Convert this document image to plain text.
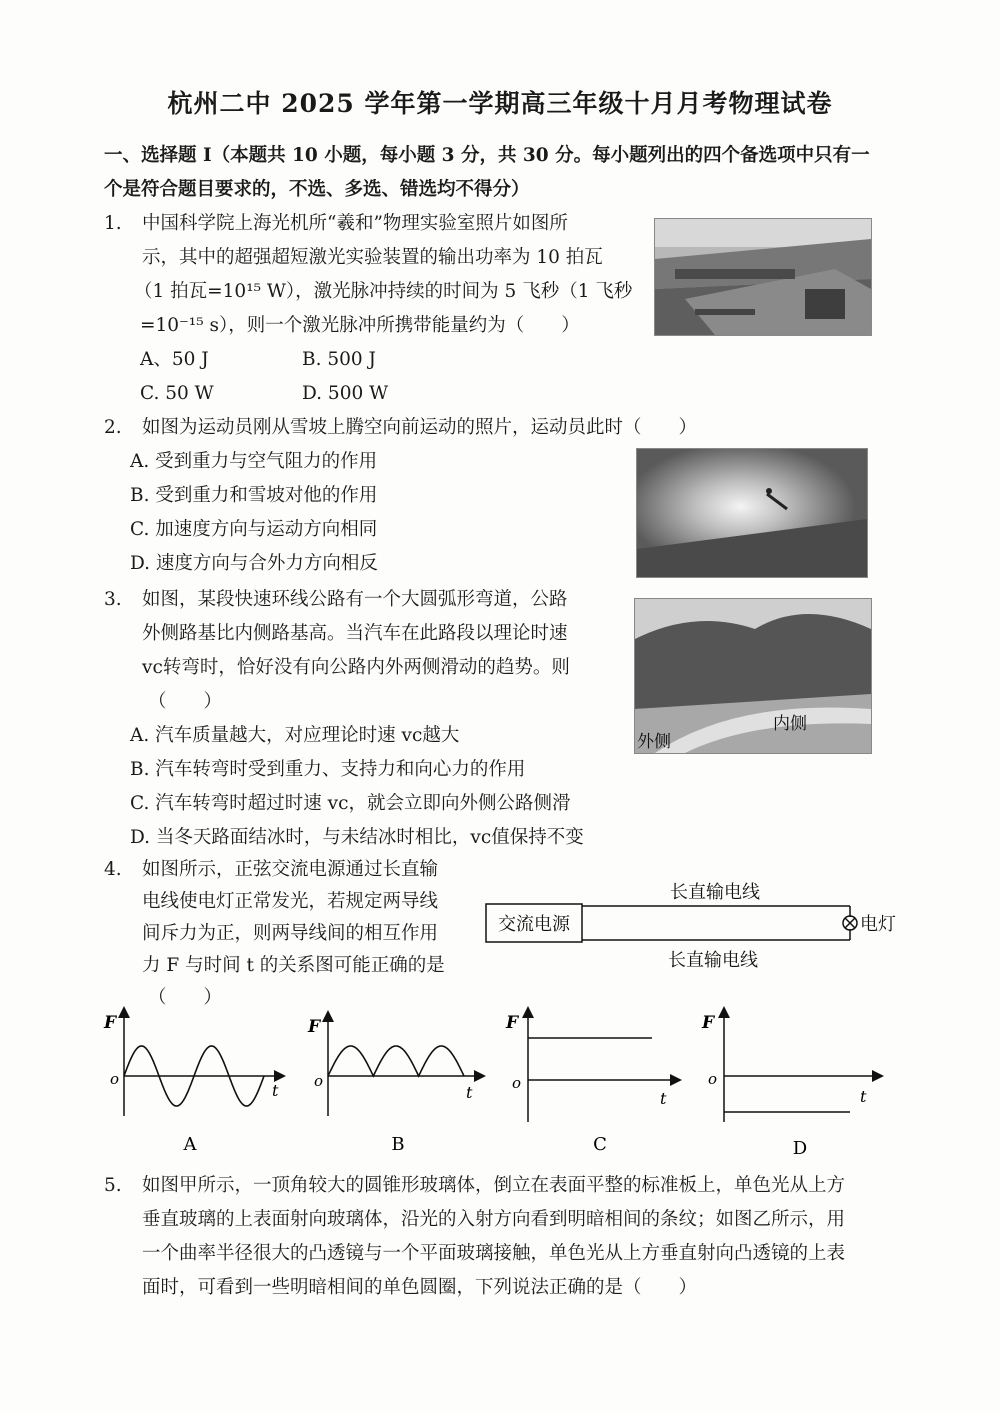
杭州二中 2025 学年第一学期高三年级十月月考物理试卷
一、选择题 I（本题共 10 小题，每小题 3 分，共 30 分。每小题列出的四个备选项中只有一
个是符合题目要求的，不选、多选、错选均不得分）
1. 中国科学院上海光机所“羲和”物理实验室照片如图所
示，其中的超强超短激光实验装置的输出功率为 10 拍瓦
（1 拍瓦=10¹⁵ W），激光脉冲持续的时间为 5 飞秒（1 飞秒
=10⁻¹⁵ s），则一个激光脉冲所携带能量约为（　　）
A、50 J	B. 500 J
C. 50 W	D. 500 W
2. 如图为运动员刚从雪坡上腾空向前运动的照片，运动员此时（　　）
A. 受到重力与空气阻力的作用
B. 受到重力和雪坡对他的作用
C. 加速度方向与运动方向相同
D. 速度方向与合外力方向相反
3. 如图，某段快速环线公路有一个大圆弧形弯道，公路
外侧路基比内侧路基高。当汽车在此路段以理论时速
vc转弯时，恰好没有向公路内外两侧滑动的趋势。则
（　　）
A. 汽车质量越大，对应理论时速 vc越大
B. 汽车转弯时受到重力、支持力和向心力的作用
C. 汽车转弯时超过时速 vc，就会立即向外侧公路侧滑
D. 当冬天路面结冰时，与未结冰时相比，vc值保持不变
外侧
内侧
4. 如图所示，正弦交流电源通过长直输
电线使电灯正常发光，若规定两导线
间斥力为正，则两导线间的相互作用
力 F 与时间 t 的关系图可能正确的是
（　　）
交流电源
长直输电线
长直输电线
电灯
F
o
t
A
F
o
t
B
F
o
t
C
F
o
t
D
5. 如图甲所示，一顶角较大的圆锥形玻璃体，倒立在表面平整的标准板上，单色光从上方
垂直玻璃的上表面射向玻璃体，沿光的入射方向看到明暗相间的条纹；如图乙所示，用
一个曲率半径很大的凸透镜与一个平面玻璃接触，单色光从上方垂直射向凸透镜的上表
面时，可看到一些明暗相间的单色圆圈，下列说法正确的是（　　）
